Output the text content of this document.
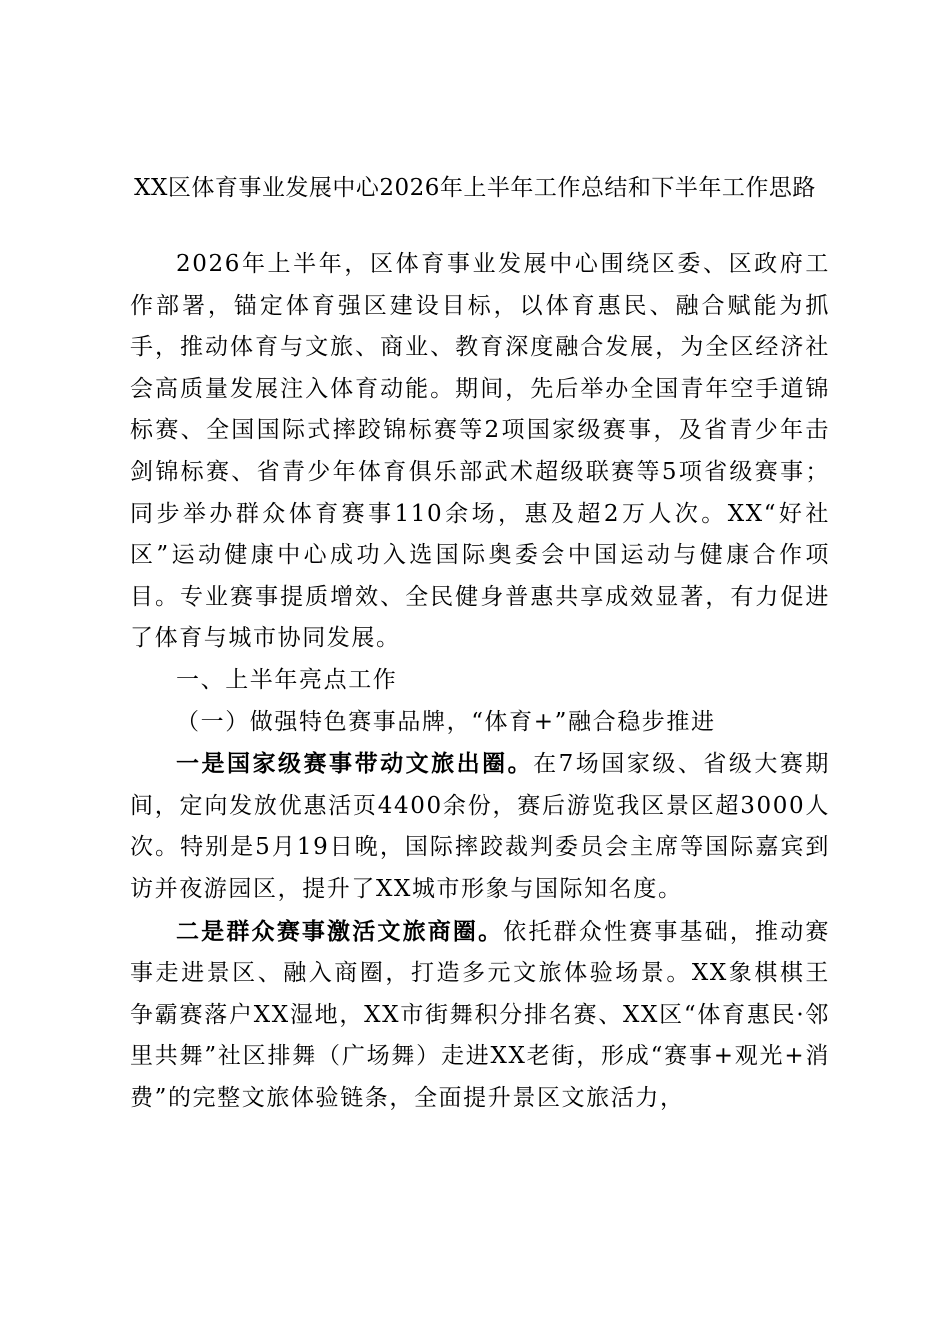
XX区体育事业发展中心2026年上半年工作总结和下半年工作思路

2026年上半年，区体育事业发展中心围绕区委、区政府工作部署，锚定体育强区建设目标，以体育惠民、融合赋能为抓手，推动体育与文旅、商业、教育深度融合发展，为全区经济社会高质量发展注入体育动能。期间，先后举办全国青年空手道锦标赛、全国国际式摔跤锦标赛等2项国家级赛事，及省青少年击剑锦标赛、省青少年体育俱乐部武术超级联赛等5项省级赛事；同步举办群众体育赛事110余场，惠及超2万人次。XX“好社区”运动健康中心成功入选国际奥委会中国运动与健康合作项目。专业赛事提质增效、全民健身普惠共享成效显著，有力促进了体育与城市协同发展。

一、上半年亮点工作

（一）做强特色赛事品牌，“体育+”融合稳步推进

一是国家级赛事带动文旅出圈。在7场国家级、省级大赛期间，定向发放优惠活页4400余份，赛后游览我区景区超3000人次。特别是5月19日晚，国际摔跤裁判委员会主席等国际嘉宾到访并夜游园区，提升了XX城市形象与国际知名度。

二是群众赛事激活文旅商圈。依托群众性赛事基础，推动赛事走进景区、融入商圈，打造多元文旅体验场景。XX象棋棋王争霸赛落户XX湿地，XX市街舞积分排名赛、XX区“体育惠民·邻里共舞”社区排舞（广场舞）走进XX老街，形成“赛事+观光+消费”的完整文旅体验链条，全面提升景区文旅活力，
